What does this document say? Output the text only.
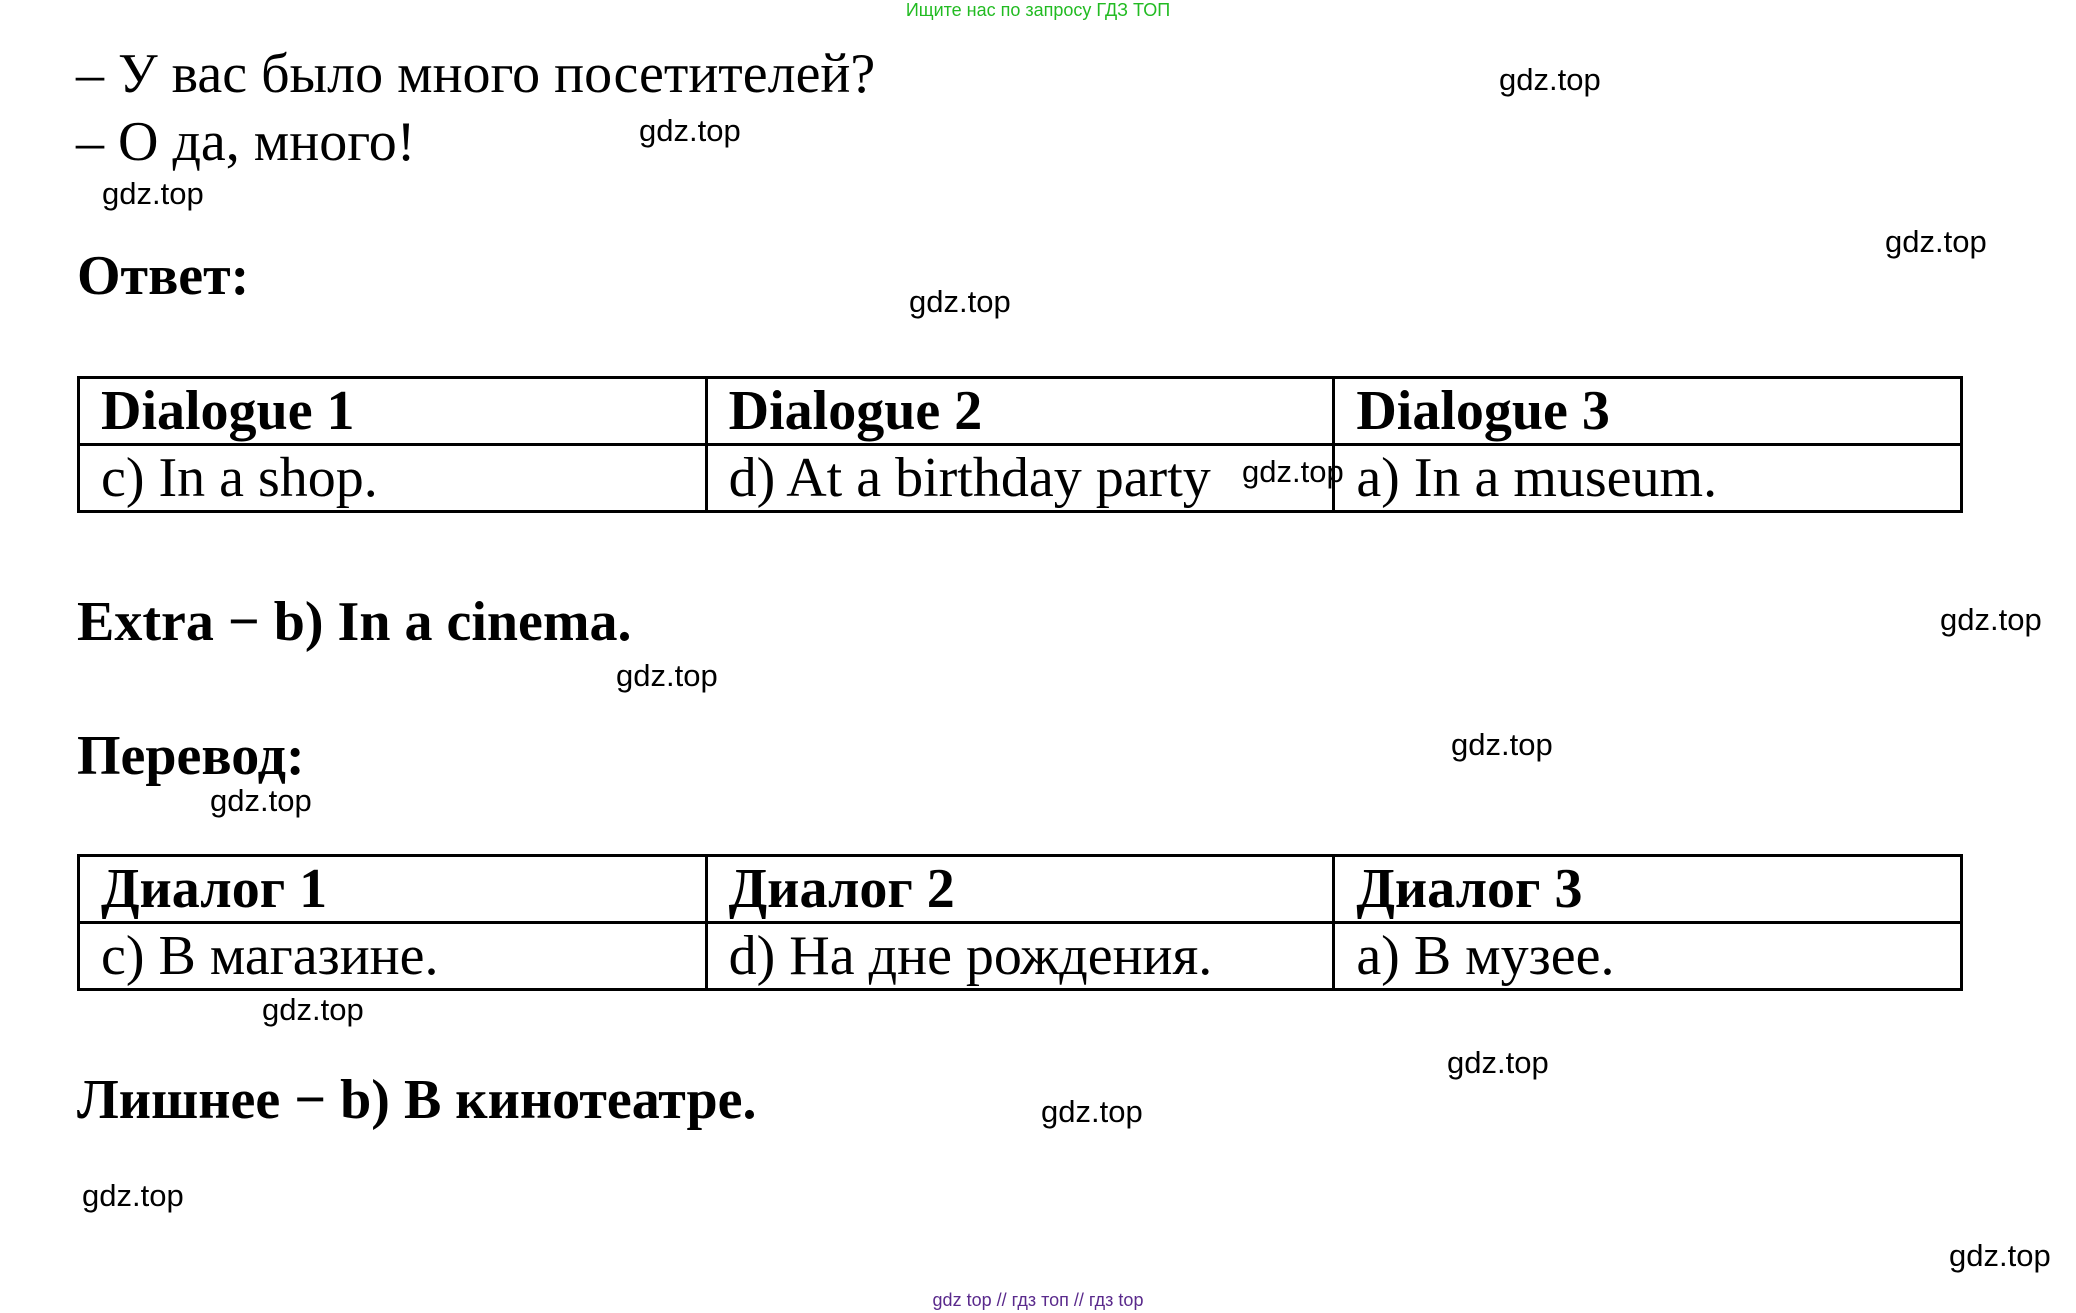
Ищите нас по запросу ГДЗ ТОП
– У вас было много посетителей?
– О да, много!
Ответ:
Dialogue 1	Dialogue 2	Dialogue 3
c) In a shop.	d) At a birthday party	a) In a museum.
Extra − b) In a cinema.
Перевод:
Диалог 1	Диалог 2	Диалог 3
c) В магазине.	d) На дне рождения.	a) В музее.
Лишнее − b) В кинотеатре.
gdz.top
gdz.top
gdz.top
gdz.top
gdz.top
gdz.top
gdz.top
gdz.top
gdz.top
gdz.top
gdz.top
gdz.top
gdz.top
gdz.top
gdz.top
gdz top // гдз топ // гдз top
